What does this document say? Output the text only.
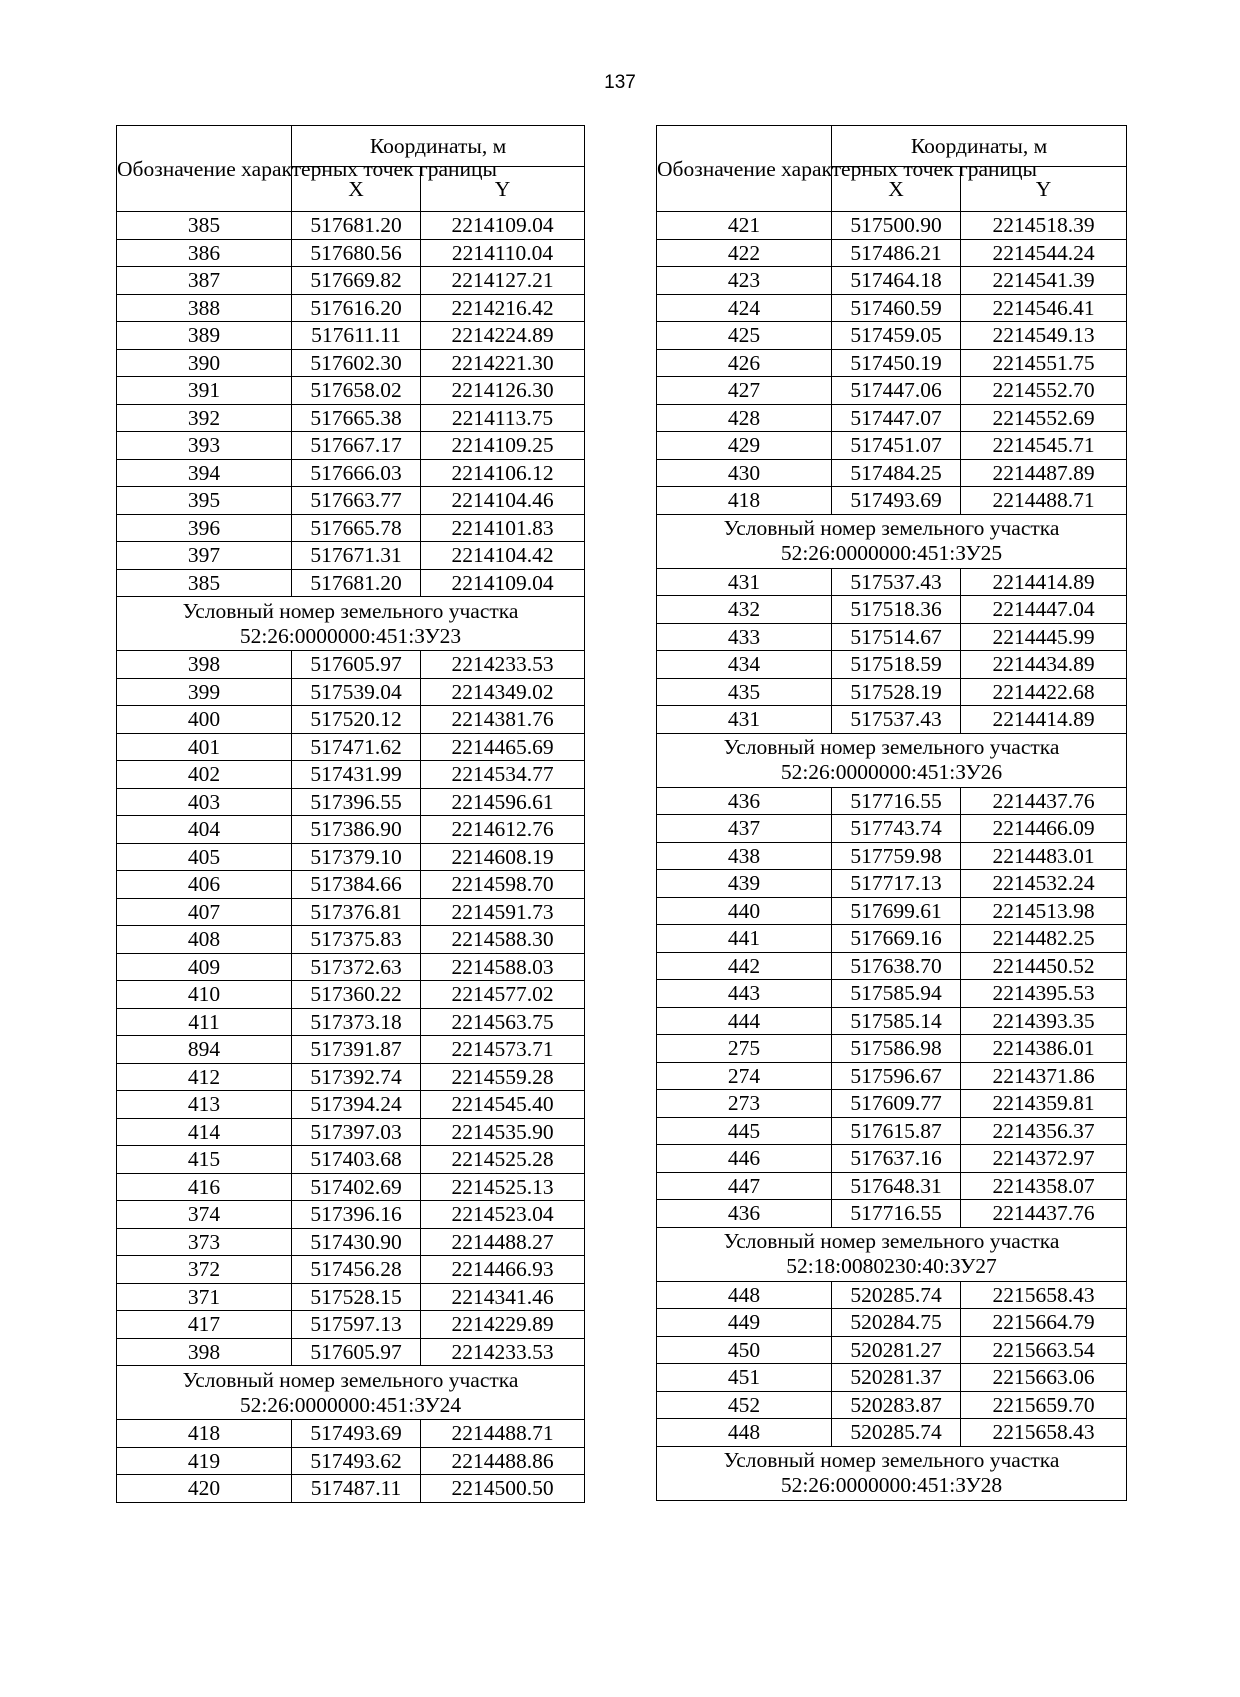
137
Обозначение характерных точек границы	Координаты, м	
	X	Y
385	517681.20	2214109.04
386	517680.56	2214110.04
387	517669.82	2214127.21
388	517616.20	2214216.42
389	517611.11	2214224.89
390	517602.30	2214221.30
391	517658.02	2214126.30
392	517665.38	2214113.75
393	517667.17	2214109.25
394	517666.03	2214106.12
395	517663.77	2214104.46
396	517665.78	2214101.83
397	517671.31	2214104.42
385	517681.20	2214109.04
Условный номер земельного участка 52:26:0000000:451:ЗУ23		
398	517605.97	2214233.53
399	517539.04	2214349.02
400	517520.12	2214381.76
401	517471.62	2214465.69
402	517431.99	2214534.77
403	517396.55	2214596.61
404	517386.90	2214612.76
405	517379.10	2214608.19
406	517384.66	2214598.70
407	517376.81	2214591.73
408	517375.83	2214588.30
409	517372.63	2214588.03
410	517360.22	2214577.02
411	517373.18	2214563.75
894	517391.87	2214573.71
412	517392.74	2214559.28
413	517394.24	2214545.40
414	517397.03	2214535.90
415	517403.68	2214525.28
416	517402.69	2214525.13
374	517396.16	2214523.04
373	517430.90	2214488.27
372	517456.28	2214466.93
371	517528.15	2214341.46
417	517597.13	2214229.89
398	517605.97	2214233.53
Условный номер земельного участка 52:26:0000000:451:ЗУ24		
418	517493.69	2214488.71
419	517493.62	2214488.86
420	517487.11	2214500.50
Обозначение характерных точек границы	Координаты, м	
	X	Y
421	517500.90	2214518.39
422	517486.21	2214544.24
423	517464.18	2214541.39
424	517460.59	2214546.41
425	517459.05	2214549.13
426	517450.19	2214551.75
427	517447.06	2214552.70
428	517447.07	2214552.69
429	517451.07	2214545.71
430	517484.25	2214487.89
418	517493.69	2214488.71
Условный номер земельного участка 52:26:0000000:451:ЗУ25		
431	517537.43	2214414.89
432	517518.36	2214447.04
433	517514.67	2214445.99
434	517518.59	2214434.89
435	517528.19	2214422.68
431	517537.43	2214414.89
Условный номер земельного участка 52:26:0000000:451:ЗУ26		
436	517716.55	2214437.76
437	517743.74	2214466.09
438	517759.98	2214483.01
439	517717.13	2214532.24
440	517699.61	2214513.98
441	517669.16	2214482.25
442	517638.70	2214450.52
443	517585.94	2214395.53
444	517585.14	2214393.35
275	517586.98	2214386.01
274	517596.67	2214371.86
273	517609.77	2214359.81
445	517615.87	2214356.37
446	517637.16	2214372.97
447	517648.31	2214358.07
436	517716.55	2214437.76
Условный номер земельного участка 52:18:0080230:40:ЗУ27		
448	520285.74	2215658.43
449	520284.75	2215664.79
450	520281.27	2215663.54
451	520281.37	2215663.06
452	520283.87	2215659.70
448	520285.74	2215658.43
Условный номер земельного участка 52:26:0000000:451:ЗУ28		
